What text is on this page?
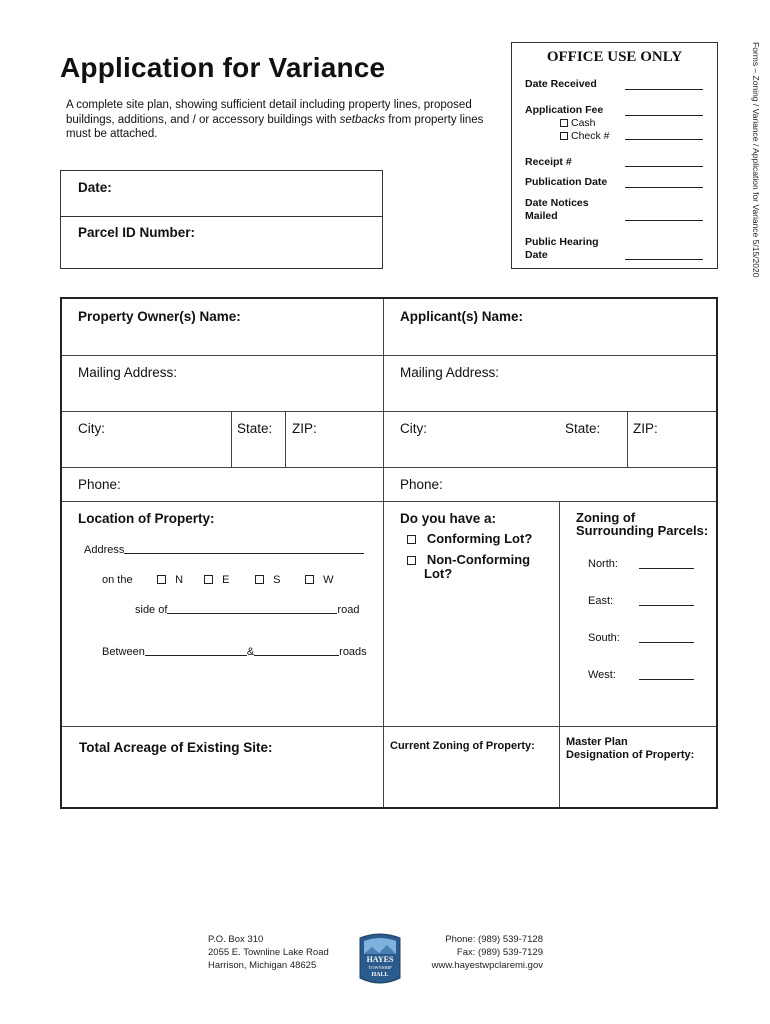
Application for Variance
A complete site plan, showing sufficient detail including property lines, proposed buildings, additions, and / or accessory buildings with setbacks from property lines must be attached.	Forms – Zoning / Variance / Application for Variance 5/15/2020
OFFICE USE ONLY
Date Received
Application Fee
Cash
Check #
Receipt #
Publication Date
Date Notices
Mailed
Public Hearing
Date
Date:
Parcel ID Number:
Property Owner(s) Name:	Applicant(s) Name:
Mailing Address:	Mailing Address:
City:	State: ZIP:	City:	State: ZIP:
Phone:	Phone:
Location of Property:
Address
on the	N	E	S	W
side of	road
Between	&	roads
Do you have a:
Conforming Lot?
Non-Conforming
Lot?
Zoning of
Surrounding Parcels:
North:
East:
South:
West:
Total Acreage of Existing Site:	Current Zoning of Property:	Master Plan
Designation of Property:
P.O. Box 310
2055 E. Townline Lake Road
Harrison, Michigan 48625
HAYES
TOWNSHIP
HALL
Phone: (989) 539-7128
Fax: (989) 539-7129
www.hayestwpclaremi.gov
